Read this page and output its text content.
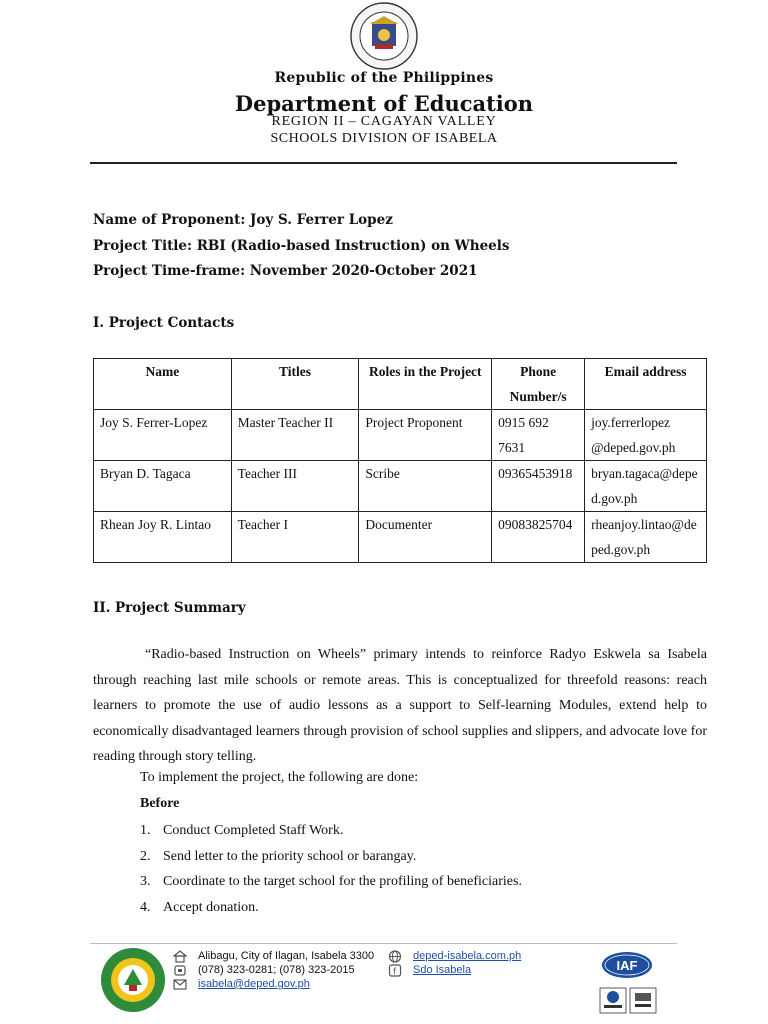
Republic of the Philippines
Department of Education
REGION II – CAGAYAN VALLEY
SCHOOLS DIVISION OF ISABELA
Name of Proponent: Joy S. Ferrer Lopez
Project Title: RBI (Radio-based Instruction) on Wheels
Project Time-frame: November 2020-October 2021
I. Project Contacts
Name	Titles	Roles in the Project	Phone Number/s	Email address
Joy S. Ferrer-Lopez	Master Teacher II	Project Proponent	0915 692 7631	joy.ferrerlopez @deped.gov.ph
Bryan D. Tagaca	Teacher III	Scribe	09365453918	bryan.tagaca@deped.gov.ph
Rhean Joy R. Lintao	Teacher I	Documenter	09083825704	rheanjoy.lintao@deped.gov.ph
II. Project Summary

“Radio-based Instruction on Wheels” primary intends to reinforce Radyo Eskwela sa Isabela through reaching last mile schools or remote areas. This is conceptualized for threefold reasons: reach learners to promote the use of audio lessons as a support to Self-learning Modules, extend help to economically disadvantaged learners through provision of school supplies and slippers, and advocate love for reading through story telling.

To implement the project, the following are done:
Before
1. Conduct Completed Staff Work.
2. Send letter to the priority school or barangay.
3. Coordinate to the target school for the profiling of beneficiaries.
4. Accept donation.
Alibagu, City of Ilagan, Isabela 3300
(078) 323-0281; (078) 323-2015
isabela@deped.gov.ph
f
deped-isabela.com.ph
Sdo Isabela	IAF
